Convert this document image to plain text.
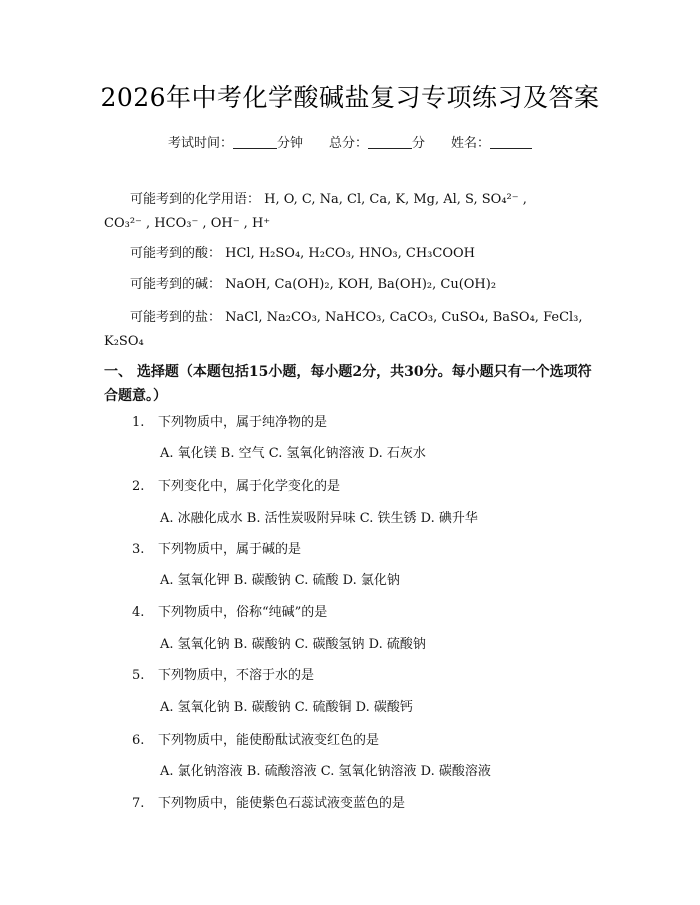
2026年中考化学酸碱盐复习专项练习及答案
考试时间：	分钟 总分：	分 姓名：
可能考到的化学用语： H, O, C, Na, Cl, Ca, K, Mg, Al, S, SO₄²⁻ ,
CO₃²⁻ , HCO₃⁻ , OH⁻ , H⁺
可能考到的酸： HCl, H₂SO₄, H₂CO₃, HNO₃, CH₃COOH
可能考到的碱： NaOH, Ca(OH)₂, KOH, Ba(OH)₂, Cu(OH)₂
可能考到的盐： NaCl, Na₂CO₃, NaHCO₃, CaCO₃, CuSO₄, BaSO₄, FeCl₃,
K₂SO₄
一、 选择题（本题包括15小题，每小题2分，共30分。每小题只有一个选项符合题意。）
1. 下列物质中，属于纯净物的是
A. 氧化镁 B. 空气 C. 氢氧化钠溶液 D. 石灰水
2. 下列变化中，属于化学变化的是
A. 冰融化成水 B. 活性炭吸附异味 C. 铁生锈 D. 碘升华
3. 下列物质中，属于碱的是
A. 氢氧化钾 B. 碳酸钠 C. 硫酸 D. 氯化钠
4. 下列物质中，俗称“纯碱”的是
A. 氢氧化钠 B. 碳酸钠 C. 碳酸氢钠 D. 硫酸钠
5. 下列物质中，不溶于水的是
A. 氢氧化钠 B. 碳酸钠 C. 硫酸铜 D. 碳酸钙
6. 下列物质中，能使酚酞试液变红色的是
A. 氯化钠溶液 B. 硫酸溶液 C. 氢氧化钠溶液 D. 碳酸溶液
7. 下列物质中，能使紫色石蕊试液变蓝色的是
